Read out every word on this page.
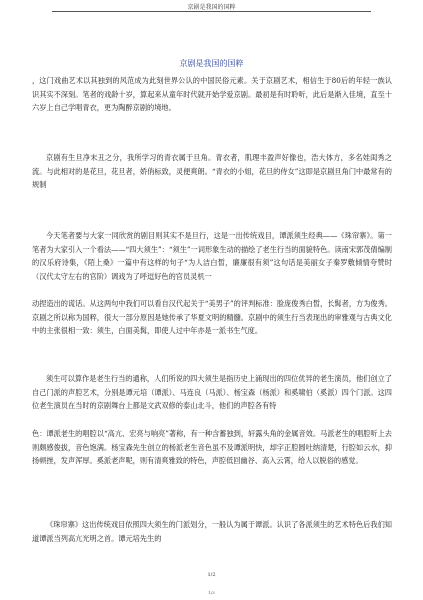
京剧是我国的国粹
京剧是我国的国粹

，这门戏曲艺术以其独到的风范成为此刻世界公认的中国民俗元素。关于京剧艺术，相信生于80后的年轻一族认识其实不深刻。笔者的戏龄十岁，算起来从童年时代就开始学爱京剧。最初是有时聆听，此后是渐入佳境，直至十六岁上自己学唱青衣，更为陶醉京剧的境地。

京剧有生旦净末丑之分，我所学习的青衣属于旦角。青衣者，肌理丰盈声好像也，浩大体方，多名娃闺秀之流。与此相对的是花旦，花旦者，娇俏标致，灵便爽朗。“青衣的小姐，花旦的侍女”这即是京剧旦角门中最常有的规制

今天笔者要与大家一同欣赏的剧目则其实不是旦行，这是一出传统戏目，谭派须生经典——《珠帘寨》。第一笔者为大家引入一个看法——“四大须生”：“须生”一词形象生动的描绘了老生行当的面貌特色。读南宋郭茂倩编制的汉乐府诗集，《陌上桑》一篇中有这样的句子“为人洁白皙，廉廉很有须”这句话是美丽女子秦罗敷倾情夸赞时（汉代太守左右的官阶）调戏为了呼逗好色的官员灵机一

动捏造出的谎话。从这两句中我们可以看自汉代起关于“美男子”的评判标准：脸庞俊秀白皙，长髯者，方为俊秀。京剧之所以称为国粹，很大一部分原因是她传承了华夏文明的精髓。京剧中的须生行当表现出的审雅观与古典文化中的主张很相一致：须生，白面美髯，即使人过中年亦是一派书生气度。

须生可以算作是老生行当的通称，人们所说的四大须生是指历史上涌现出的四位优异的老生演员，他们创立了自己门派的声腔艺术，分别是谭元培（谭派）、马连良（马派）、杨宝森（杨派）和奚啸伯（奚派）四个门派。这四位老生演员在当时的京剧舞台上都是文武双修的泰山北斗，他们的声腔各有特

色：谭派老生的唱腔以“高亢、宏亮与响亮”著称，有一种含蓄独到，轩露头角的金属音效。马派老生的唱腔听上去则颇感俊拔，音色饱满。杨宝森先生创立的杨派老生音色虽不及谭派明快，却字正腔圆吐纳清楚，行腔如云水，抑扬顿挫，发声浑厚。奚派老声呢，则有清爽雅致的特色，声腔低回幽谷、高入云霄，给人以脱俗的感觉。

《珠帘寨》这出传统戏目依照四大须生的门派划分，一般认为属于谭派。认识了各派须生的艺术特色后我们知道谭派当列高亢光明之首。谭元培先生的

1/2
1/3
